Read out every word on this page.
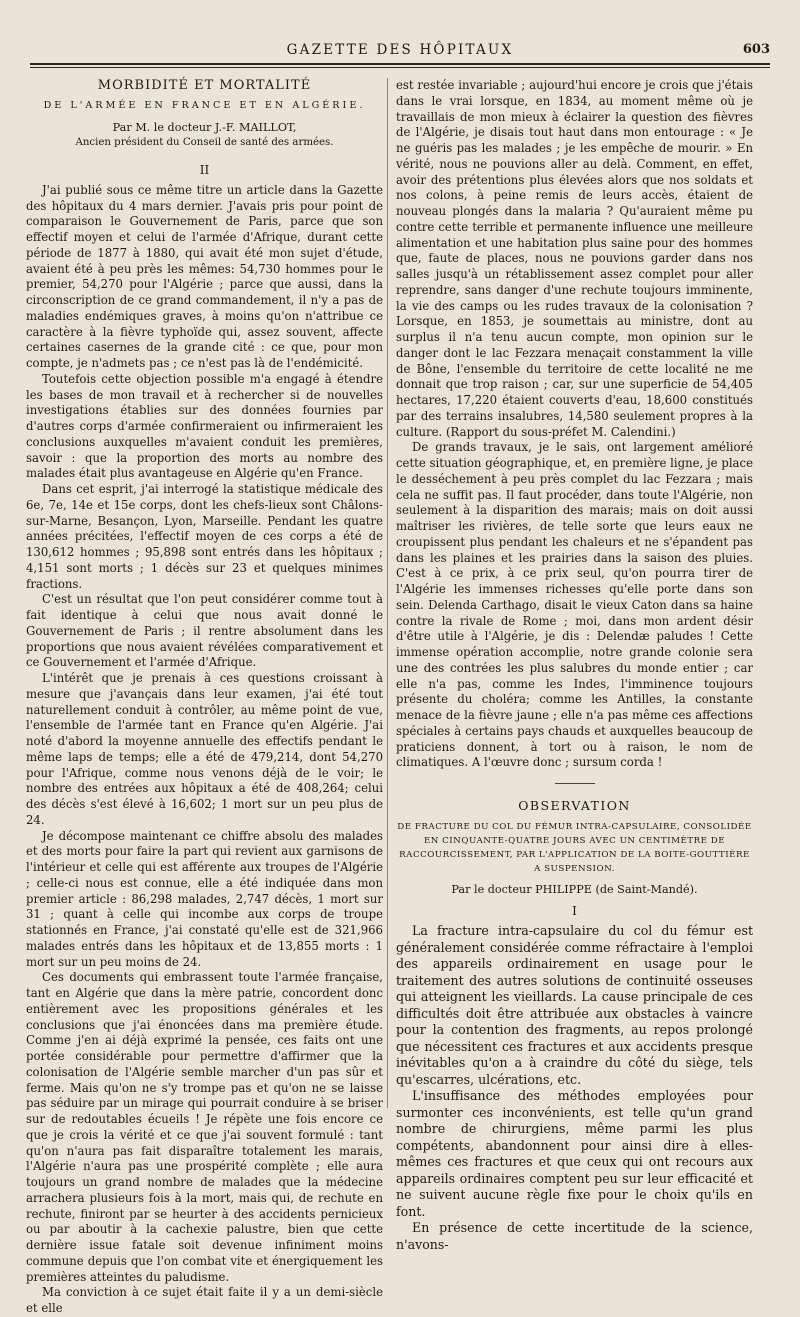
GAZETTE DES HÔPITAUX	603
MORBIDITÉ ET MORTALITÉ
DE L'ARMÉE EN FRANCE ET EN ALGÉRIE.
Par M. le docteur J.-F. MAILLOT,
Ancien président du Conseil de santé des armées.
II

J'ai publié sous ce même titre un article dans la Gazette des hôpitaux du 4 mars dernier. J'avais pris pour point de comparaison le Gouvernement de Paris, parce que son effectif moyen et celui de l'armée d'Afrique, durant cette période de 1877 à 1880, qui avait été mon sujet d'étude, avaient été à peu près les mêmes: 54,730 hommes pour le premier, 54,270 pour l'Algérie ; parce que aussi, dans la circonscription de ce grand commandement, il n'y a pas de maladies endémiques graves, à moins qu'on n'attribue ce caractère à la fièvre typhoïde qui, assez souvent, affecte certaines casernes de la grande cité : ce que, pour mon compte, je n'admets pas ; ce n'est pas là de l'endémicité.

Toutefois cette objection possible m'a engagé à étendre les bases de mon travail et à rechercher si de nouvelles investigations établies sur des données fournies par d'autres corps d'armée confirmeraient ou infirmeraient les conclusions auxquelles m'avaient conduit les premières, savoir : que la proportion des morts au nombre des malades était plus avantageuse en Algérie qu'en France.

Dans cet esprit, j'ai interrogé la statistique médicale des 6e, 7e, 14e et 15e corps, dont les chefs-lieux sont Châlons-sur-Marne, Besançon, Lyon, Marseille. Pendant les quatre années précitées, l'effectif moyen de ces corps a été de 130,612 hommes ; 95,898 sont entrés dans les hôpitaux ; 4,151 sont morts ; 1 décès sur 23 et quelques minimes fractions.

C'est un résultat que l'on peut considérer comme tout à fait identique à celui que nous avait donné le Gouvernement de Paris ; il rentre absolument dans les proportions que nous avaient révélées comparativement et ce Gouvernement et l'armée d'Afrique.

L'intérêt que je prenais à ces questions croissant à mesure que j'avançais dans leur examen, j'ai été tout naturellement conduit à contrôler, au même point de vue, l'ensemble de l'armée tant en France qu'en Algérie. J'ai noté d'abord la moyenne annuelle des effectifs pendant le même laps de temps; elle a été de 479,214, dont 54,270 pour l'Afrique, comme nous venons déjà de le voir; le nombre des entrées aux hôpitaux a été de 408,264; celui des décès s'est élevé à 16,602; 1 mort sur un peu plus de 24.

Je décompose maintenant ce chiffre absolu des malades et des morts pour faire la part qui revient aux garnisons de l'intérieur et celle qui est afférente aux troupes de l'Algérie ; celle-ci nous est connue, elle a été indiquée dans mon premier article : 86,298 malades, 2,747 décès, 1 mort sur 31 ; quant à celle qui incombe aux corps de troupe stationnés en France, j'ai constaté qu'elle est de 321,966 malades entrés dans les hôpitaux et de 13,855 morts : 1 mort sur un peu moins de 24.

Ces documents qui embrassent toute l'armée française, tant en Algérie que dans la mère patrie, concordent donc entièrement avec les propositions générales et les conclusions que j'ai énoncées dans ma première étude. Comme j'en ai déjà exprimé la pensée, ces faits ont une portée considérable pour permettre d'affirmer que la colonisation de l'Algérie semble marcher d'un pas sûr et ferme. Mais qu'on ne s'y trompe pas et qu'on ne se laisse pas séduire par un mirage qui pourrait conduire à se briser sur de redoutables écueils ! Je répète une fois encore ce que je crois la vérité et ce que j'ai souvent formulé : tant qu'on n'aura pas fait disparaître totalement les marais, l'Algérie n'aura pas une prospérité complète ; elle aura toujours un grand nombre de malades que la médecine arrachera plusieurs fois à la mort, mais qui, de rechute en rechute, finiront par se heurter à des accidents pernicieux ou par aboutir à la cachexie palustre, bien que cette dernière issue fatale soit devenue infiniment moins commune depuis que l'on combat vite et énergiquement les premières atteintes du paludisme.

Ma conviction à ce sujet était faite il y a un demi-siècle et elle

est restée invariable ; aujourd'hui encore je crois que j'étais dans le vrai lorsque, en 1834, au moment même où je travaillais de mon mieux à éclairer la question des fièvres de l'Algérie, je disais tout haut dans mon entourage : « Je ne guéris pas les malades ; je les empêche de mourir. » En vérité, nous ne pouvions aller au delà. Comment, en effet, avoir des prétentions plus élevées alors que nos soldats et nos colons, à peine remis de leurs accès, étaient de nouveau plongés dans la malaria ? Qu'auraient même pu contre cette terrible et permanente influence une meilleure alimentation et une habitation plus saine pour des hommes que, faute de places, nous ne pouvions garder dans nos salles jusqu'à un rétablissement assez complet pour aller reprendre, sans danger d'une rechute toujours imminente, la vie des camps ou les rudes travaux de la colonisation ? Lorsque, en 1853, je soumettais au ministre, dont au surplus il n'a tenu aucun compte, mon opinion sur le danger dont le lac Fezzara menaçait constamment la ville de Bône, l'ensemble du territoire de cette localité ne me donnait que trop raison ; car, sur une superficie de 54,405 hectares, 17,220 étaient couverts d'eau, 18,600 constitués par des terrains insalubres, 14,580 seulement propres à la culture. (Rapport du sous-préfet M. Calendini.)

De grands travaux, je le sais, ont largement amélioré cette situation géographique, et, en première ligne, je place le desséchement à peu près complet du lac Fezzara ; mais cela ne suffit pas. Il faut procéder, dans toute l'Algérie, non seulement à la disparition des marais; mais on doit aussi maîtriser les rivières, de telle sorte que leurs eaux ne croupissent plus pendant les chaleurs et ne s'épandent pas dans les plaines et les prairies dans la saison des pluies. C'est à ce prix, à ce prix seul, qu'on pourra tirer de l'Algérie les immenses richesses qu'elle porte dans son sein. Delenda Carthago, disait le vieux Caton dans sa haine contre la rivale de Rome ; moi, dans mon ardent désir d'être utile à l'Algérie, je dis : Delendæ paludes ! Cette immense opération accomplie, notre grande colonie sera une des contrées les plus salubres du monde entier ; car elle n'a pas, comme les Indes, l'imminence toujours présente du choléra; comme les Antilles, la constante menace de la fièvre jaune ; elle n'a pas même ces affections spéciales à certains pays chauds et auxquelles beaucoup de praticiens donnent, à tort ou à raison, le nom de climatiques. A l'œuvre donc ; sursum corda !

OBSERVATION
DE FRACTURE DU COL DU FÉMUR INTRA-CAPSULAIRE, CONSOLIDÉE EN CINQUANTE-QUATRE JOURS AVEC UN CENTIMÈTRE DE RACCOURCISSEMENT, PAR L'APPLICATION DE LA BOITE-GOUTTIÈRE A SUSPENSION.
Par le docteur PHILIPPE (de Saint-Mandé).
I

La fracture intra-capsulaire du col du fémur est généralement considérée comme réfractaire à l'emploi des appareils ordinairement en usage pour le traitement des autres solutions de continuité osseuses qui atteignent les vieillards. La cause principale de ces difficultés doit être attribuée aux obstacles à vaincre pour la contention des fragments, au repos prolongé que nécessitent ces fractures et aux accidents presque inévitables qu'on a à craindre du côté du siège, tels qu'escarres, ulcérations, etc.

L'insuffisance des méthodes employées pour surmonter ces inconvénients, est telle qu'un grand nombre de chirurgiens, même parmi les plus compétents, abandonnent pour ainsi dire à elles-mêmes ces fractures et que ceux qui ont recours aux appareils ordinaires comptent peu sur leur efficacité et ne suivent aucune règle fixe pour le choix qu'ils en font.

En présence de cette incertitude de la science, n'avons-
